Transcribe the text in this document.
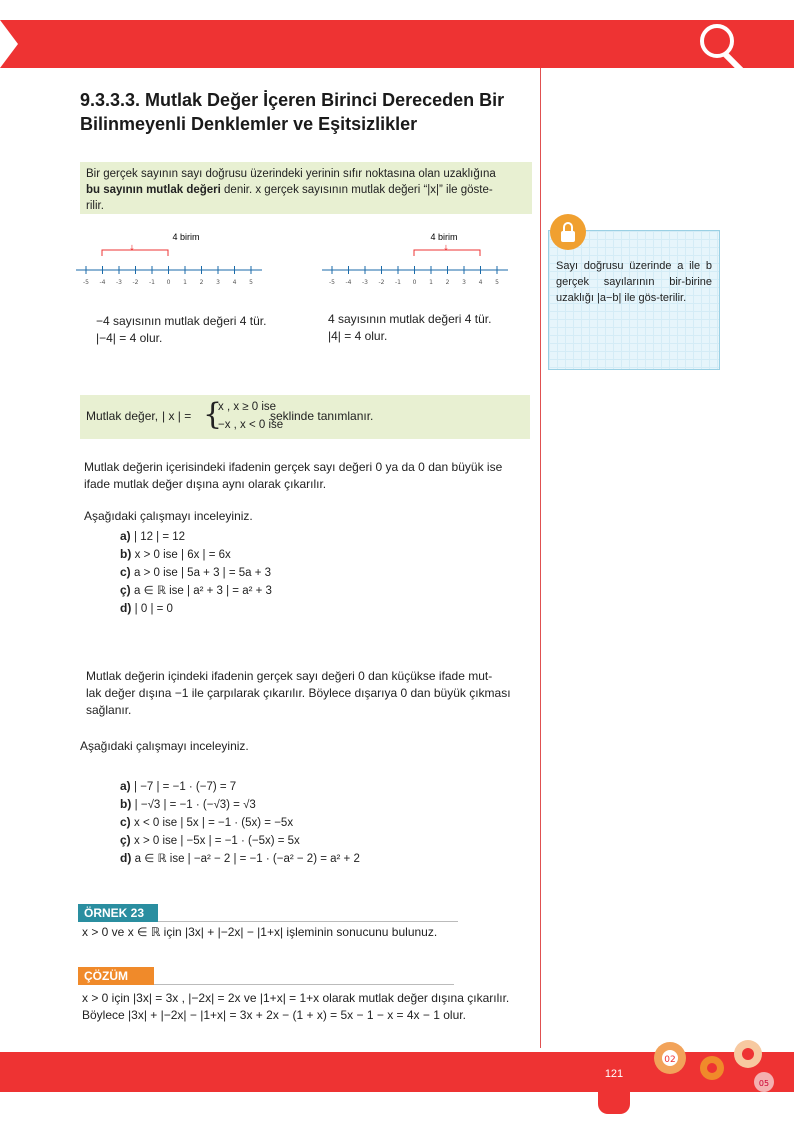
9.3.3.3. Mutlak Değer İçeren Birinci Dereceden Bir
Bilinmeyenli Denklemler ve Eşitsizlikler

Bir gerçek sayının sayı doğrusu üzerindeki yerinin sıfır noktasına olan uzaklığına
bu sayının mutlak değeri denir. x gerçek sayısının mutlak değeri “|x|” ile göste-
rilir.

4 birim
↓
-5 -4 -3 -2 -1 0 1 2 3 4 5
4 birim
↓
-5 -4 -3 -2 -1 0 1 2 3 4 5
−4 sayısının mutlak değeri 4 tür.
|−4| = 4 olur.
4 sayısının mutlak değeri 4 tür.
|4| = 4 olur.
Mutlak değer, | x | = {
x , x ≥ 0 ise
−x , x < 0 ise
şeklinde tanımlanır.
Mutlak değerin içerisindeki ifadenin gerçek sayı değeri 0 ya da 0 dan büyük ise
ifade mutlak değer dışına aynı olarak çıkarılır.
Aşağıdaki çalışmayı inceleyiniz.
a) | 12 | = 12
b) x > 0 ise | 6x | = 6x
c) a > 0 ise | 5a + 3 | = 5a + 3
ç) a ∈ ℝ ise | a² + 3 | = a² + 3
d) | 0 | = 0
Mutlak değerin içindeki ifadenin gerçek sayı değeri 0 dan küçükse ifade mut-
lak değer dışına −1 ile çarpılarak çıkarılır. Böylece dışarıya 0 dan büyük çıkması
sağlanır.
Aşağıdaki çalışmayı inceleyiniz.
a) | −7 | = −1 · (−7) = 7
b) | −√3 | = −1 · (−√3) = √3
c) x < 0 ise | 5x | = −1 · (5x) = −5x
ç) x > 0 ise | −5x | = −1 · (−5x) = 5x
d) a ∈ ℝ ise | −a² − 2 | = −1 · (−a² − 2) = a² + 2
ÖRNEK 23
x > 0 ve x ∈ ℝ için |3x| + |−2x| − |1+x| işleminin sonucunu bulunuz.
ÇÖZÜM
x > 0 için |3x| = 3x , |−2x| = 2x ve |1+x| = 1+x olarak mutlak değer dışına çıkarılır.
Böylece |3x| + |−2x| − |1+x| = 3x + 2x − (1 + x) = 5x − 1 − x = 4x − 1 olur.
Sayı doğrusu üzerinde a ile b gerçek sayılarının bir-birine uzaklığı |a−b| ile gös-terilir.
121
02
05
